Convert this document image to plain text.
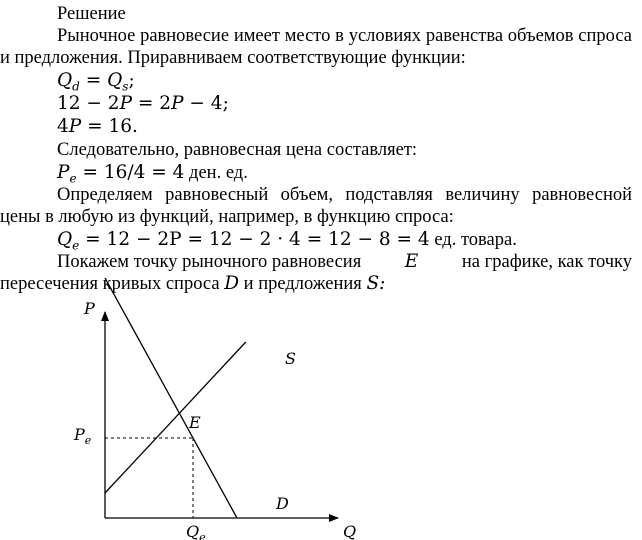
Решение
Рыночное равновесие имеет место в условиях равенства объемов спроса
и предложения. Приравниваем соответствующие функции:
$Q_d = Q_s$;
12 − 2P = 2P − 4;
4P = 16.
Следовательно, равновесная цена составляет:
$P_e = 16/4 = 4$ ден. ед.
Определяем равновесный объем, подставляя величину равновесной
цены в любую из функций, например, в функцию спроса:
$Q_e = 12 - 2P = 12 - 2 \cdot 4 = 12 - 8 = 4$ ед. товара.
Покажем точку рыночного равновесия E на графике, как точку
пересечения кривых спроса D и предложения S:
P
Q
S
D
E
$P_e$
$Q_e$
